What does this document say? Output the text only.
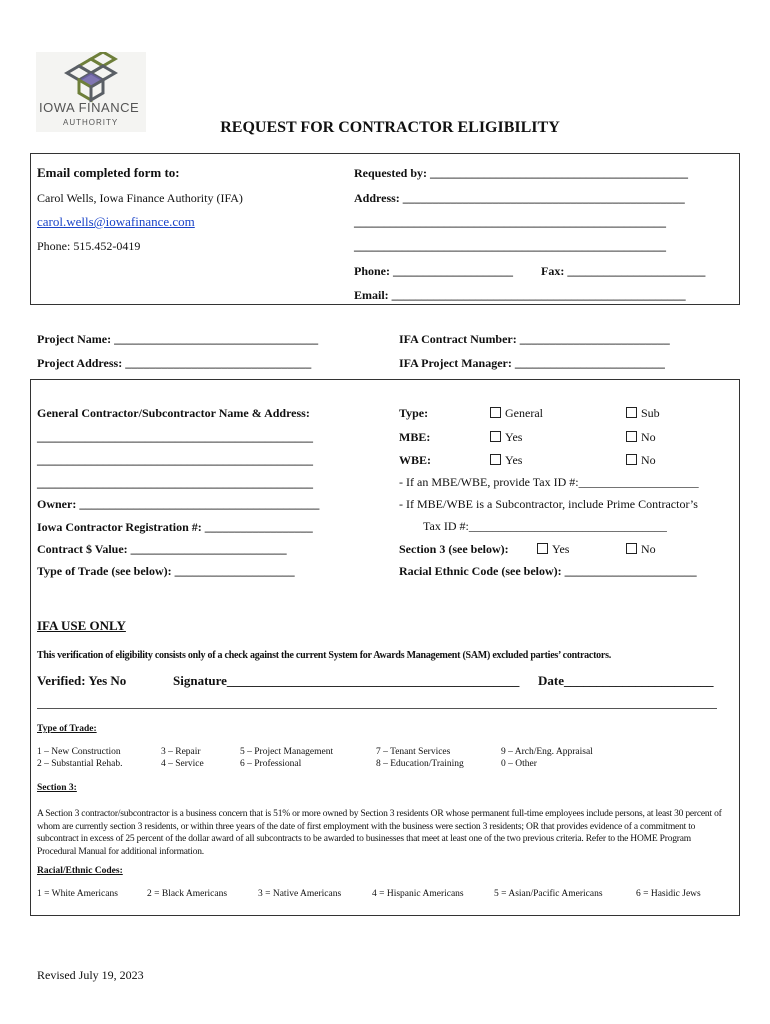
IOWA FINANCE
AUTHORITY	REQUEST FOR CONTRACTOR ELIGIBILITY
Email completed form to:
Carol Wells, Iowa Finance Authority (IFA)
carol.wells@iowafinance.com
Phone: 515.452-0419
Requested by: ___________________________________________
Address: _______________________________________________
____________________________________________________
____________________________________________________
Phone: ____________________ Fax: _______________________
Email: _________________________________________________
Project Name: __________________________________
Project Address: _______________________________
IFA Contract Number: _________________________
IFA Project Manager: _________________________
General Contractor/Subcontractor Name & Address:
______________________________________________
______________________________________________
______________________________________________
Owner: ________________________________________
Iowa Contractor Registration #: __________________
Contract $ Value: __________________________
Type of Trade (see below): ____________________
Type:	General	Sub
MBE:	Yes	No
WBE:	Yes	No
- If an MBE/WBE, provide Tax ID #:____________________
- If MBE/WBE is a Subcontractor, include Prime Contractor’s
Tax ID #:_________________________________
Section 3 (see below):	Yes	No
Racial Ethnic Code (see below): ______________________
IFA USE ONLY
This verification of eligibility consists only of a check against the current System for Awards Management (SAM) excluded parties’ contractors.
Verified: Yes No	Signature_____________________________________________ Date_______________________
Type of Trade:
1 – New Construction
2 – Substantial Rehab.
3 – Repair
4 – Service
5 – Project Management
6 – Professional
7 – Tenant Services
8 – Education/Training
9 – Arch/Eng. Appraisal
0 – Other
Section 3:
A Section 3 contractor/subcontractor is a business concern that is 51% or more owned by Section 3 residents OR whose permanent full-time employees include persons, at least 30 percent of whom are currently section 3 residents, or within three years of the date of first employment with the business were section 3 residents; OR that provides evidence of a commitment to subcontract in excess of 25 percent of the dollar award of all subcontracts to be awarded to businesses that meet at least one of the two previous criteria. Refer to the HOME Program Procedural Manual for additional information.
Racial/Ethnic Codes:
1 = White Americans	2 = Black Americans	3 = Native Americans	4 = Hispanic Americans	5 = Asian/Pacific Americans	6 = Hasidic Jews
Revised July 19, 2023
